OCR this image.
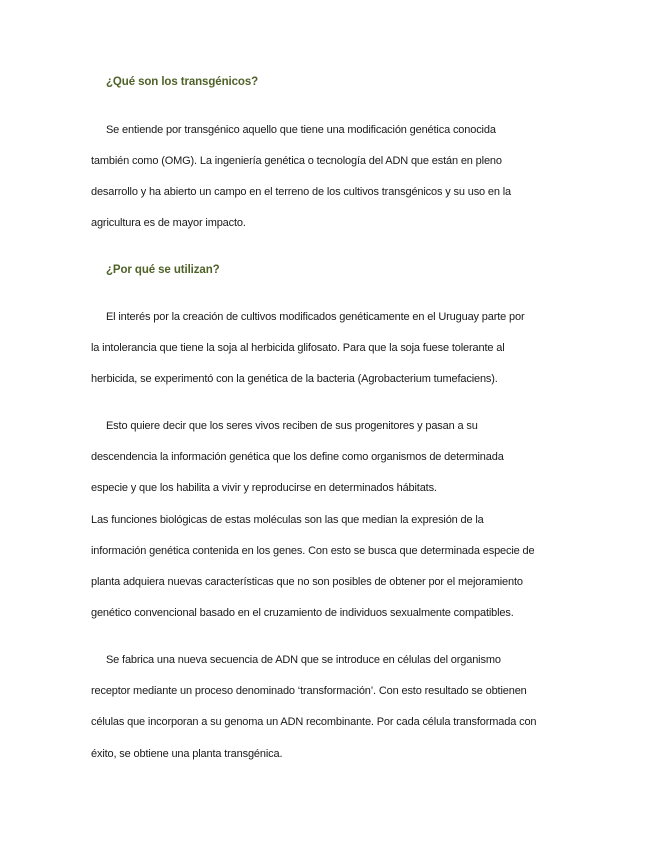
¿Qué son los transgénicos?
Se entiende por transgénico aquello que tiene una modificación genética conocida
también como (OMG). La ingeniería genética o tecnología del ADN que están en pleno
desarrollo y ha abierto un campo en el terreno de los cultivos transgénicos y su uso en la
agricultura es de mayor impacto.
¿Por qué se utilizan?
El interés por la creación de cultivos modificados genéticamente en el Uruguay parte por
la intolerancia que tiene la soja al herbicida glifosato. Para que la soja fuese tolerante al
herbicida, se experimentó con la genética de la bacteria (Agrobacterium tumefaciens).
Esto quiere decir que los seres vivos reciben de sus progenitores y pasan a su
descendencia la información genética que los define como organismos de determinada
especie y que los habilita a vivir y reproducirse en determinados hábitats.
Las funciones biológicas de estas moléculas son las que median la expresión de la
información genética contenida en los genes. Con esto se busca que determinada especie de
planta adquiera nuevas características que no son posibles de obtener por el mejoramiento
genético convencional basado en el cruzamiento de individuos sexualmente compatibles.
Se fabrica una nueva secuencia de ADN que se introduce en células del organismo
receptor mediante un proceso denominado ‘transformación’. Con esto resultado se obtienen
células que incorporan a su genoma un ADN recombinante. Por cada célula transformada con
éxito, se obtiene una planta transgénica.
